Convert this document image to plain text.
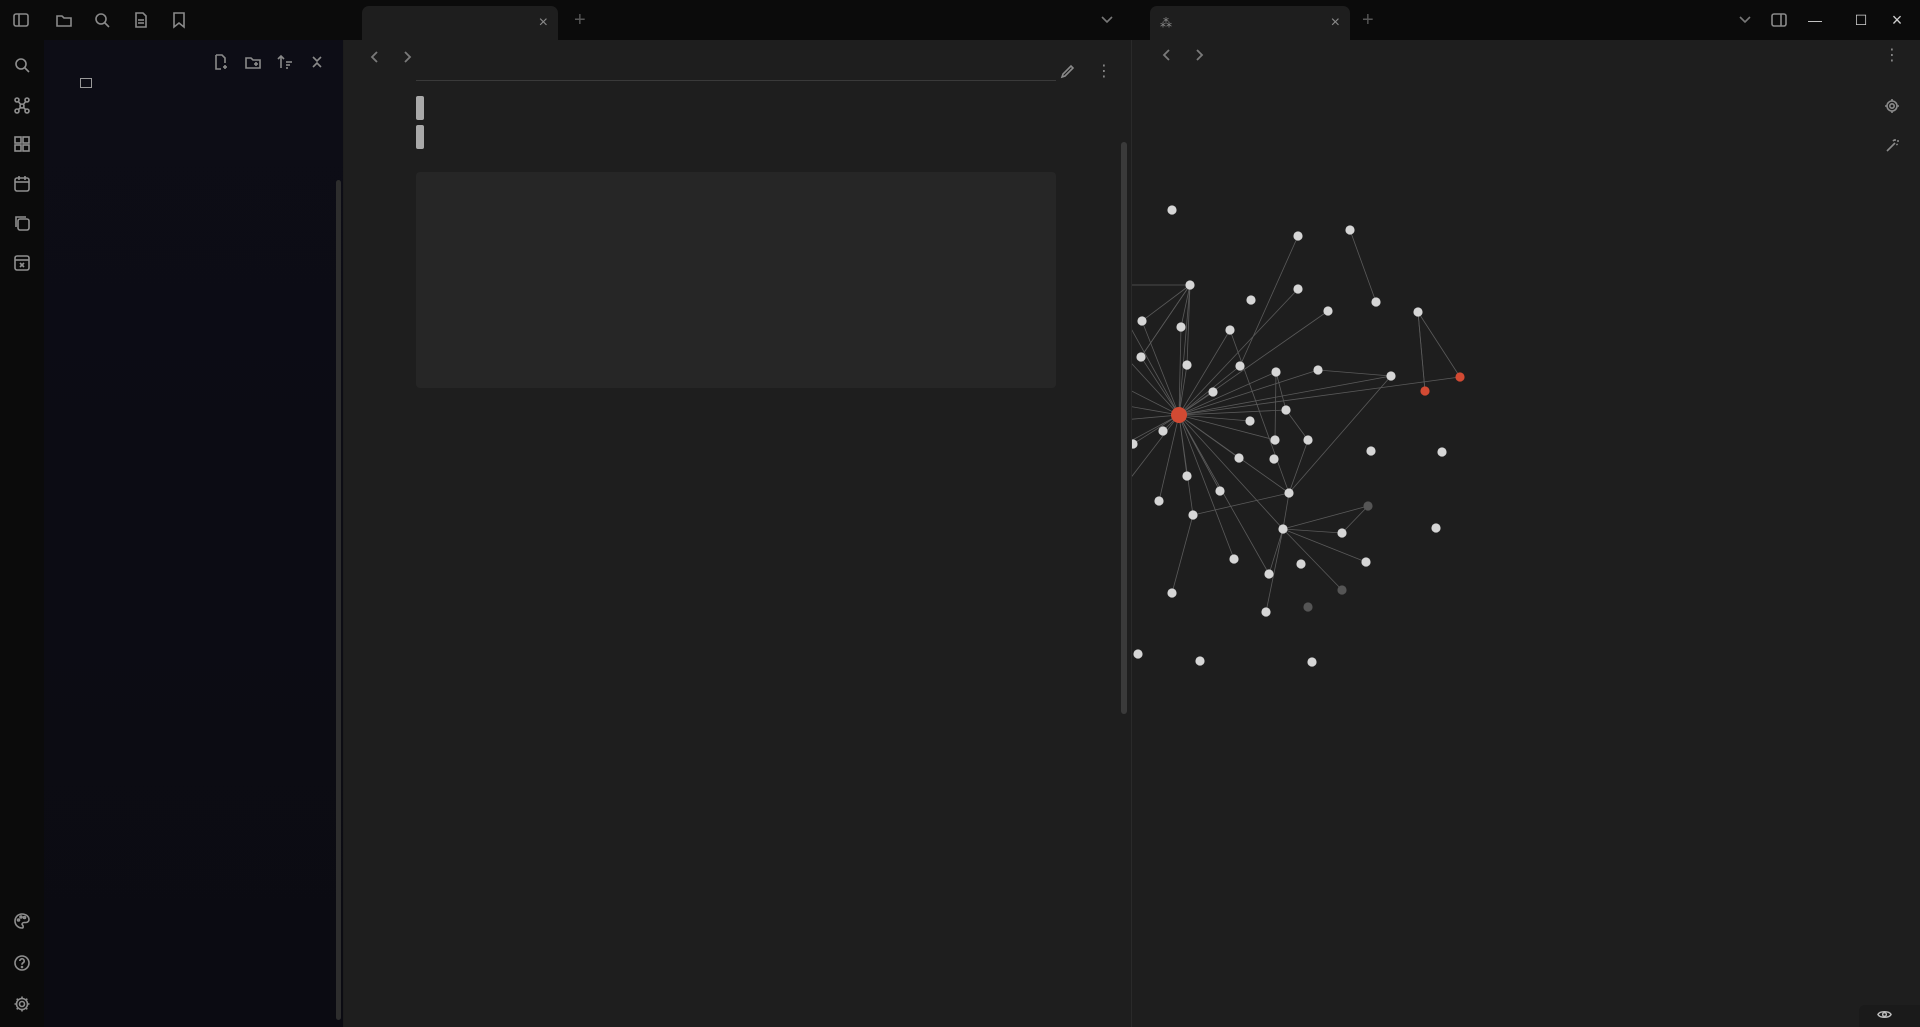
× +	⁂	× +	—	☐	×
⋮

⋮
